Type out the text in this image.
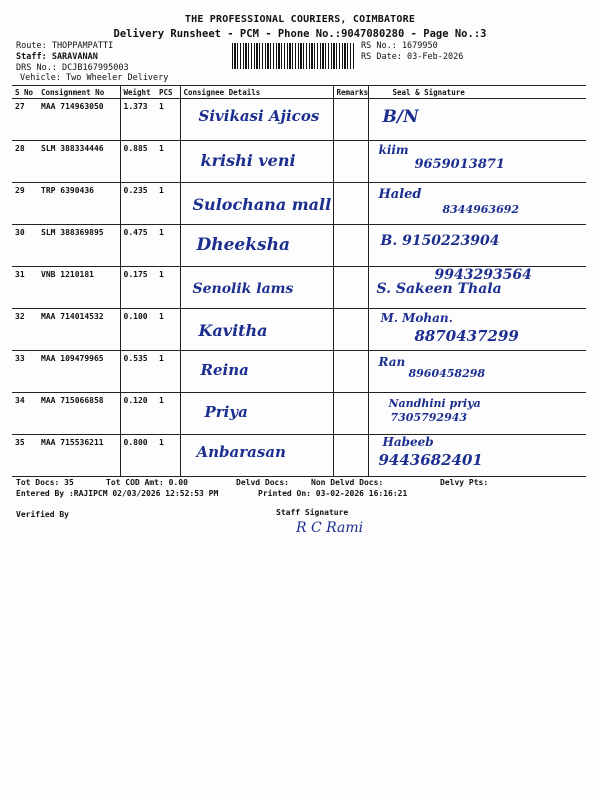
THE PROFESSIONAL COURIERS, COIMBATORE
Delivery Runsheet - PCM - Phone No.:9047080280 - Page No.:3
Route: THOPPAMPATTI
Staff: SARAVANAN
DRS No.: DCJB167995003
Vehicle: Two Wheeler Delivery
RS No.: 1679950
RS Date: 03-Feb-2026
S No	Consignment No	Weight	PCS	Consignee Details	Remarks	Seal & Signature
27	MAA 714963050	1.373	1	Sivikasi Ajicos		B/N

28	SLM 388334446	0.885	1	krishi veni		kiim
9659013871

29	TRP 6390436	0.235	1	Sulochana mall		Haled
8344963692

30	SLM 388369895	0.475	1	Dheeksha		B. 9150223904

31	VNB 1210181	0.175	1	Senolik lams		S. Sakeen Thala
9943293564

32	MAA 714014532	0.100	1	Kavitha		M. Mohan.
8870437299

33	MAA 109479965	0.535	1	Reina		Ran
8960458298

34	MAA 715066858	0.120	1	Priya		Nandhini priya
7305792943

35	MAA 715536211	0.800	1	Anbarasan		Habeeb
9443682401
Tot Docs: 35	Tot COD Amt: 0.00	Delvd Docs:	Non Delvd Docs:	Delvy Pts:
Entered By :RAJIPCM 02/03/2026 12:52:53 PM	Printed On: 03-02-2026 16:16:21
Verified By	Staff Signature
R C Rami
